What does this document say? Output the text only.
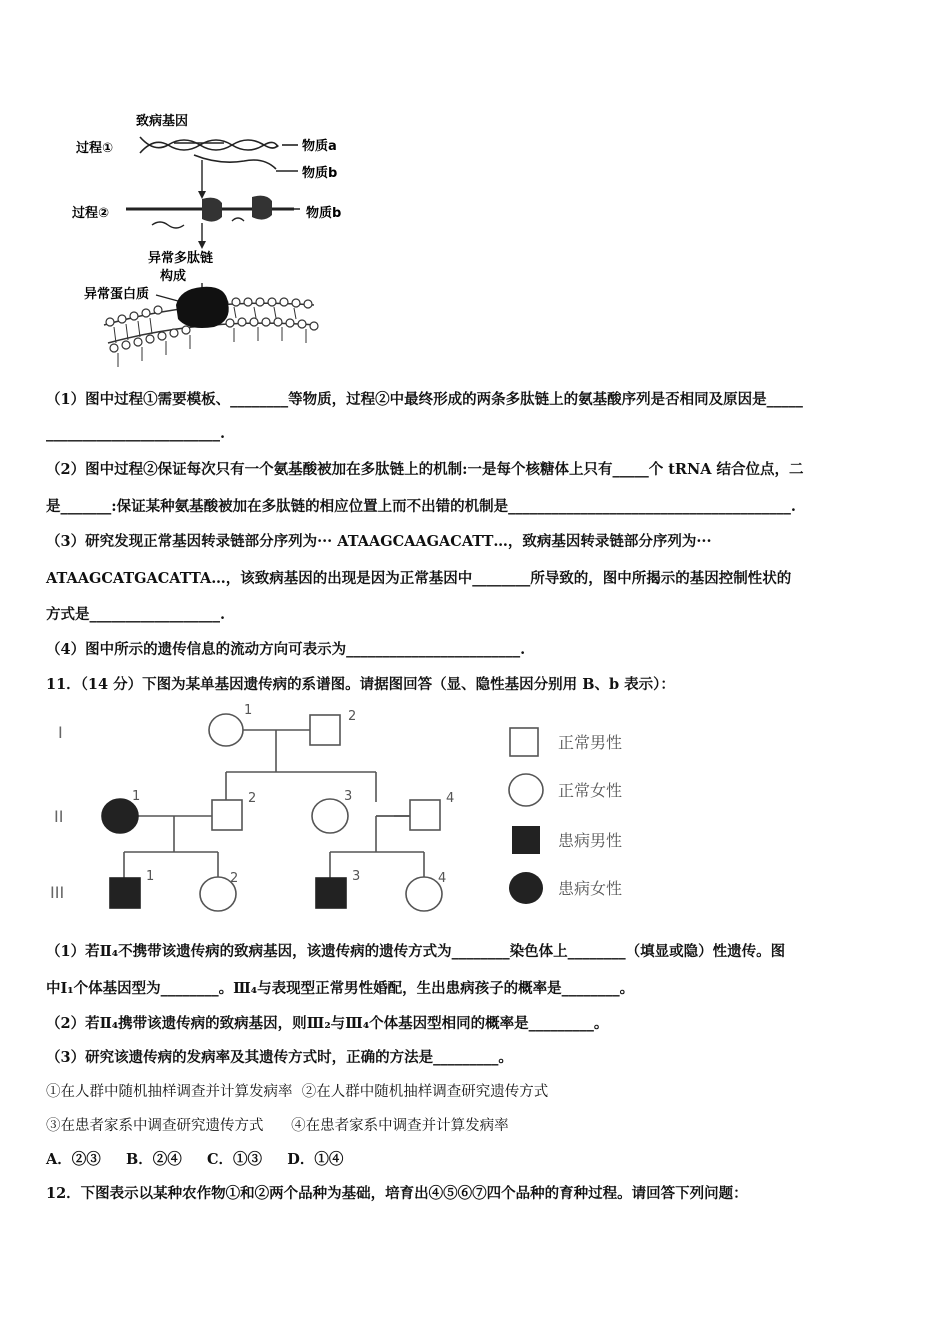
致病基因
过程①
过程②
物质a
物质b
物质b
异常多肽链
构成
异常蛋白质
（1）图中过程①需要模板、________等物质，过程②中最终形成的两条多肽链上的氨基酸序列是否相同及原因是_____
________________________.
（2）图中过程②保证每次只有一个氨基酸被加在多肽链上的机制:一是每个核糖体上只有_____个 tRNA 结合位点，二
是_______:保证某种氨基酸被加在多肽链的相应位置上而不出错的机制是_______________________________________.
（3）研究发现正常基因转录链部分序列为··· ATAAGCAAGACATT…，致病基因转录链部分序列为···
ATAAGCATGACATTA…，该致病基因的出现是因为正常基因中________所导致的，图中所揭示的基因控制性状的
方式是__________________.
（4）图中所示的遗传信息的流动方向可表示为________________________.
11．（14 分）下图为某单基因遗传病的系谱图。请据图回答（显、隐性基因分别用 B、b 表示）：
I
II
III
1	2
1	2	3	4
1	2	3	4
正常男性
正常女性
患病男性
患病女性
（1）若Ⅱ₄不携带该遗传病的致病基因，该遗传病的遗传方式为________染色体上________（填显或隐）性遗传。图
中Ⅰ₁个体基因型为________。Ⅲ₄与表现型正常男性婚配，生出患病孩子的概率是________。
（2）若Ⅱ₄携带该遗传病的致病基因，则Ⅲ₂与Ⅲ₄个体基因型相同的概率是_________。
（3）研究该遗传病的发病率及其遗传方式时，正确的方法是_________。
①在人群中随机抽样调查并计算发病率  ②在人群中随机抽样调查研究遗传方式
③在患者家系中调查研究遗传方式      ④在患者家系中调查并计算发病率
A．②③     B．②④     C．①③     D．①④
12．下图表示以某种农作物①和②两个品种为基础，培育出④⑤⑥⑦四个品种的育种过程。请回答下列问题：
